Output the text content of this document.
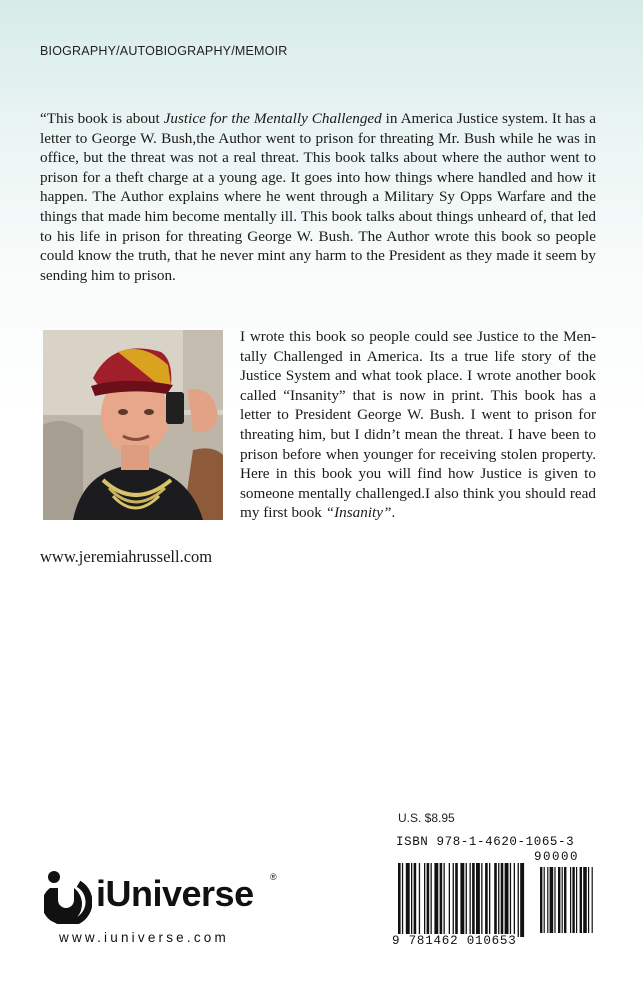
BIOGRAPHY/AUTOBIOGRAPHY/MEMOIR

“This book is about Justice for the Mentally Challenged in America Justice system. It has a letter to George W. Bush,the Author went to prison for threating Mr. Bush while he was in office, but the threat was not a real threat. This book talks about where the author went to prison for a theft charge at a young age. It goes into how things where handled and how it happen. The Author explains where he went through a Military Sy Opps Warfare and the things that made him become mentally ill. This book talks about things unheard of, that led to his life in prison for threating George W. Bush. The Author wrote this book so people could know the truth, that he never mint any harm to the President as they made it seem by sending him to prison.

I wrote this book so people could see Justice to the Mentally Challenged in America. Its a true life story of the Justice System and what took place. I wrote another book called “Insanity” that is now in print. This book has a letter to President George W. Bush. I went to prison for threating him, but I didn’t mean the threat. I have been to prison before when younger for receiving stolen property. Here in this book you will find how Justice is given to someone mentally challenged.I also think you should read my first book “Insanity”.

www.jeremiahrussell.com
iUniverse ®
www.iuniverse.com
U.S. $8.95
ISBN 978-1-4620-1065-3
90000
9 781462 010653
